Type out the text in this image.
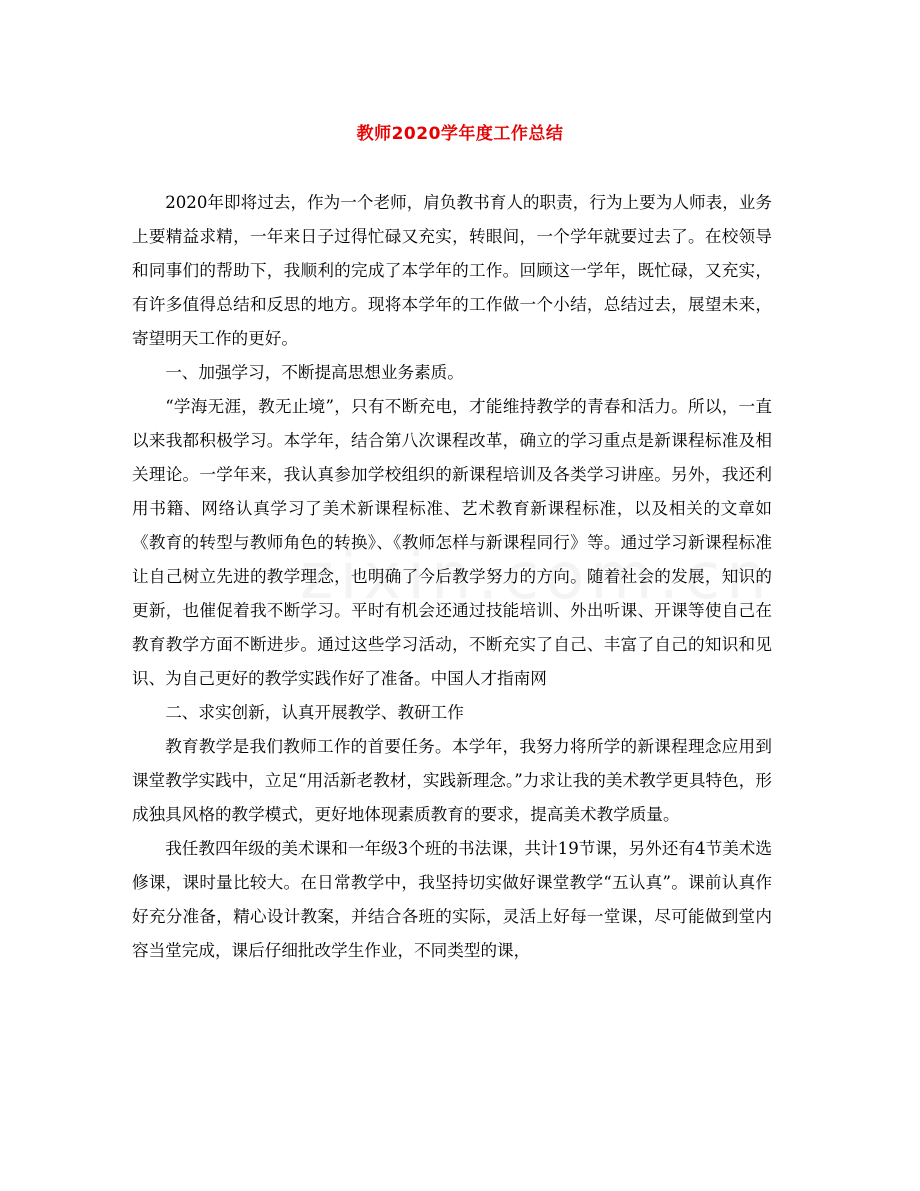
教师2020学年度工作总结

2020年即将过去，作为一个老师，肩负教书育人的职责，行为上要为人师表，业务上要精益求精，一年来日子过得忙碌又充实，转眼间，一个学年就要过去了。在校领导和同事们的帮助下，我顺利的完成了本学年的工作。回顾这一学年，既忙碌，又充实，有许多值得总结和反思的地方。现将本学年的工作做一个小结，总结过去，展望未来，寄望明天工作的更好。

一、加强学习，不断提高思想业务素质。

“学海无涯，教无止境”，只有不断充电，才能维持教学的青春和活力。所以，一直以来我都积极学习。本学年，结合第八次课程改革，确立的学习重点是新课程标准及相关理论。一学年来，我认真参加学校组织的新课程培训及各类学习讲座。另外，我还利用书籍、网络认真学习了美术新课程标准、艺术教育新课程标准，以及相关的文章如《教育的转型与教师角色的转换》、《教师怎样与新课程同行》等。通过学习新课程标准让自己树立先进的教学理念，也明确了今后教学努力的方向。随着社会的发展，知识的更新，也催促着我不断学习。平时有机会还通过技能培训、外出听课、开课等使自己在教育教学方面不断进步。通过这些学习活动，不断充实了自己、丰富了自己的知识和见识、为自己更好的教学实践作好了准备。中国人才指南网

二、求实创新，认真开展教学、教研工作

教育教学是我们教师工作的首要任务。本学年，我努力将所学的新课程理念应用到课堂教学实践中，立足“用活新老教材，实践新理念。”力求让我的美术教学更具特色，形成独具风格的教学模式，更好地体现素质教育的要求，提高美术教学质量。

我任教四年级的美术课和一年级3个班的书法课，共计19节课，另外还有4节美术选修课，课时量比较大。在日常教学中，我坚持切实做好课堂教学“五认真”。课前认真作好充分准备，精心设计教案，并结合各班的实际，灵活上好每一堂课，尽可能做到堂内容当堂完成，课后仔细批改学生作业，不同类型的课，
